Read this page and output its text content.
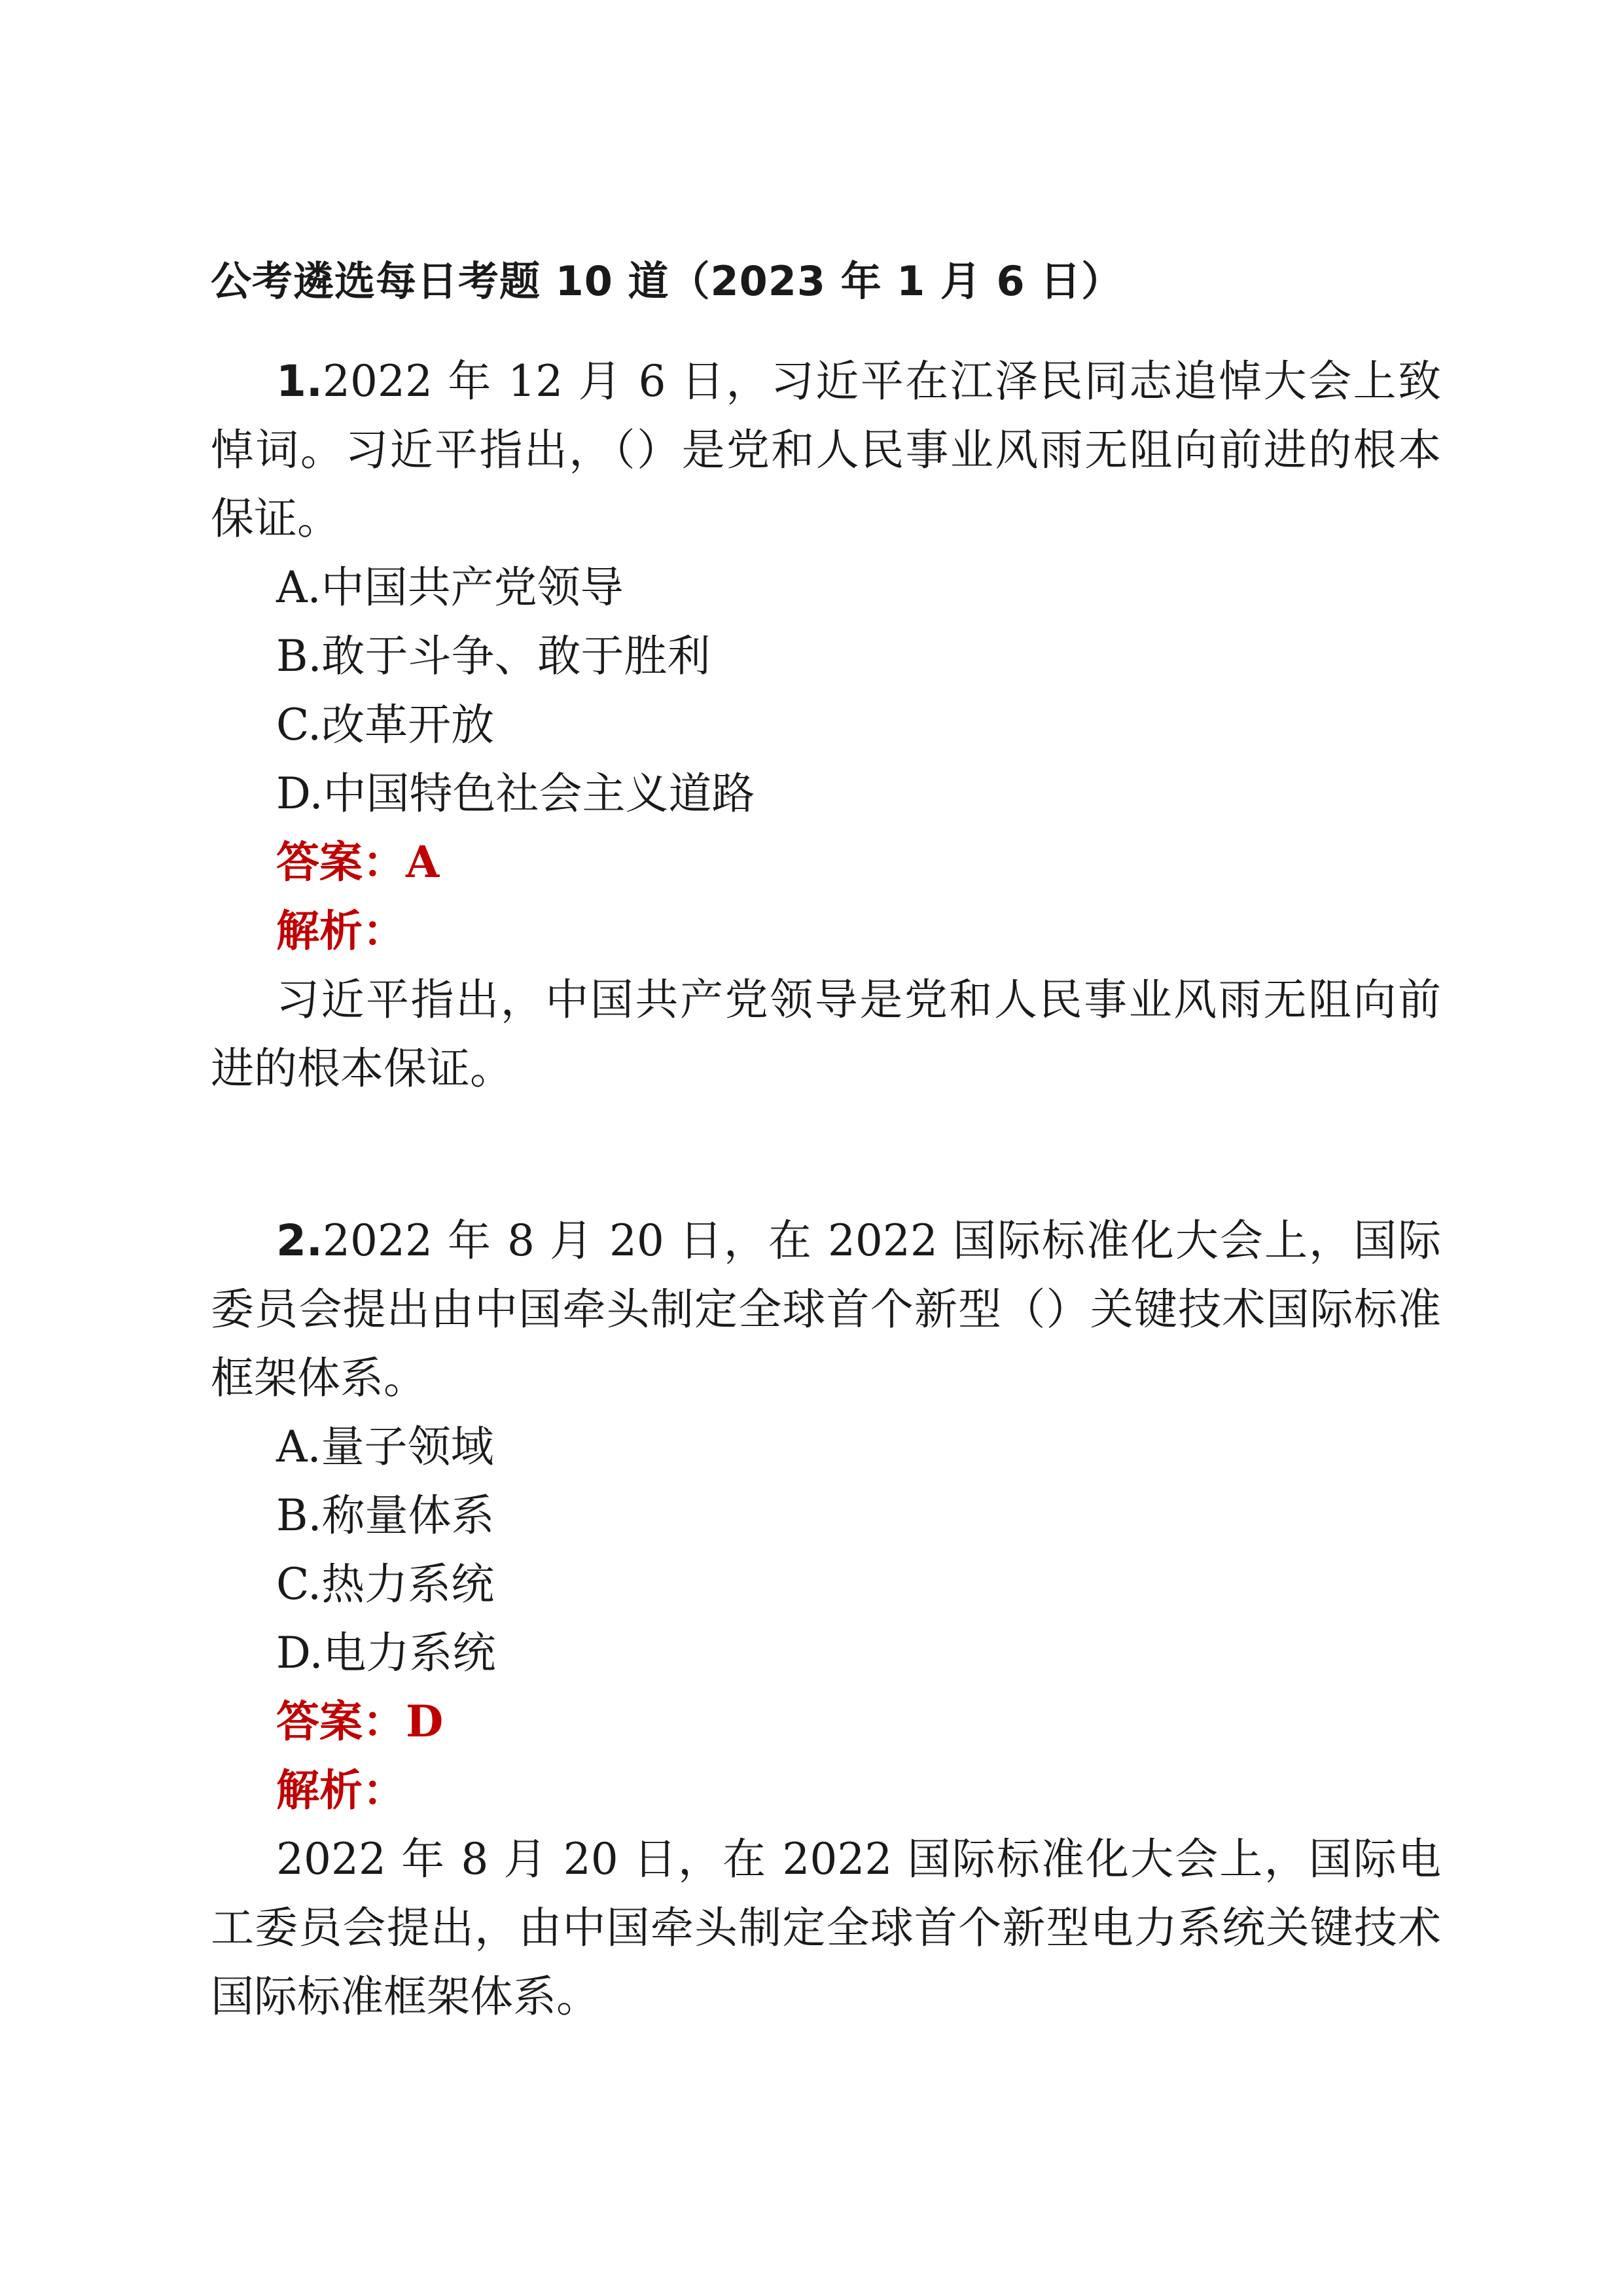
公考遴选每日考题 10 道（2023 年 1 月 6 日）

1.2022 年 12 月 6 日，习近平在江泽民同志追悼大会上致悼词。习近平指出，（）是党和人民事业风雨无阻向前进的根本保证。

A.中国共产党领导

B.敢于斗争、敢于胜利

C.改革开放

D.中国特色社会主义道路

答案：A

解析：

习近平指出，中国共产党领导是党和人民事业风雨无阻向前进的根本保证。

2.2022 年 8 月 20 日，在 2022 国际标准化大会上，国际委员会提出由中国牵头制定全球首个新型（）关键技术国际标准框架体系。

A.量子领域

B.称量体系

C.热力系统

D.电力系统

答案：D

解析：

2022 年 8 月 20 日，在 2022 国际标准化大会上，国际电工委员会提出，由中国牵头制定全球首个新型电力系统关键技术国际标准框架体系。
